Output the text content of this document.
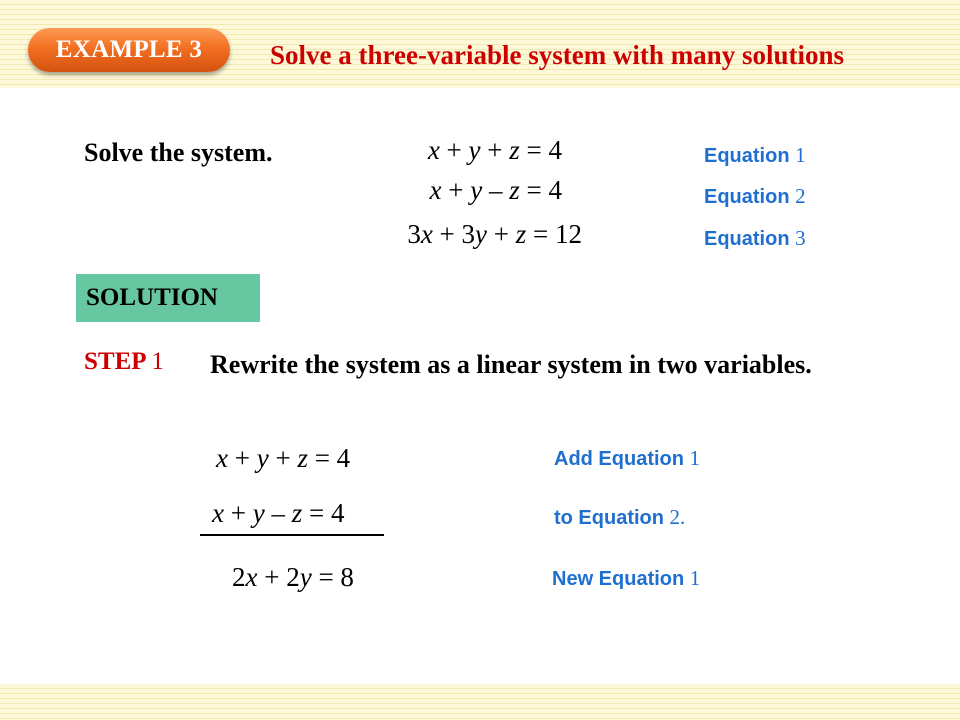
EXAMPLE 3	Solve a three-variable system with many solutions
Solve the system.	x + y + z = 4
x + y – z = 4
3x + 3y + z = 12
Equation 1
Equation 2
Equation 3
SOLUTION
STEP 1 Rewrite the system as a linear system in two variables.
x + y + z = 4
x + y – z = 4
2x + 2y = 8
Add Equation 1
to Equation 2.
New Equation 1
